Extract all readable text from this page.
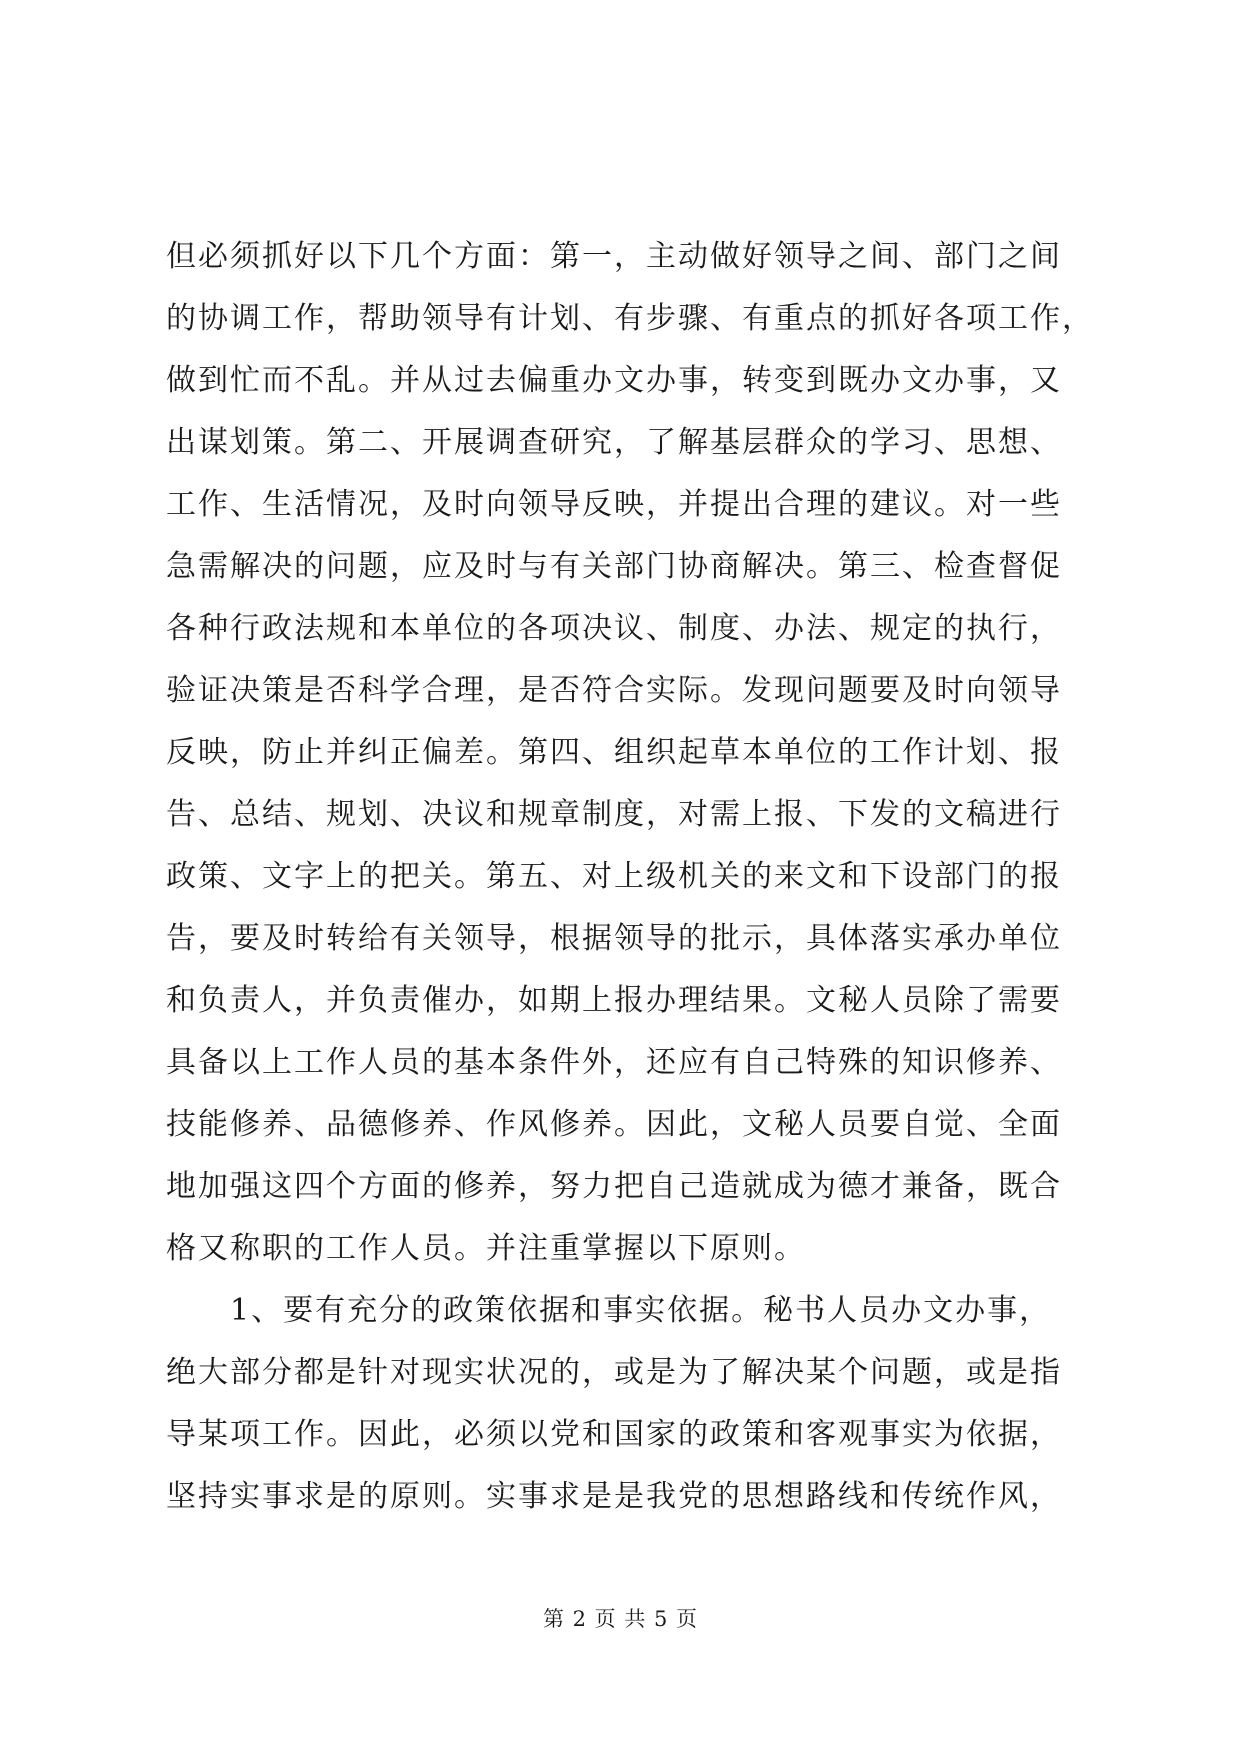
但必须抓好以下几个方面：第一，主动做好领导之间、部门之间
的协调工作，帮助领导有计划、有步骤、有重点的抓好各项工作，
做到忙而不乱。并从过去偏重办文办事，转变到既办文办事，又
出谋划策。第二、开展调查研究，了解基层群众的学习、思想、
工作、生活情况，及时向领导反映，并提出合理的建议。对一些
急需解决的问题，应及时与有关部门协商解决。第三、检查督促
各种行政法规和本单位的各项决议、制度、办法、规定的执行，
验证决策是否科学合理，是否符合实际。发现问题要及时向领导
反映，防止并纠正偏差。第四、组织起草本单位的工作计划、报
告、总结、规划、决议和规章制度，对需上报、下发的文稿进行
政策、文字上的把关。第五、对上级机关的来文和下设部门的报
告，要及时转给有关领导，根据领导的批示，具体落实承办单位
和负责人，并负责催办，如期上报办理结果。文秘人员除了需要
具备以上工作人员的基本条件外，还应有自己特殊的知识修养、
技能修养、品德修养、作风修养。因此，文秘人员要自觉、全面
地加强这四个方面的修养，努力把自己造就成为德才兼备，既合
格又称职的工作人员。并注重掌握以下原则。
　　1、要有充分的政策依据和事实依据。秘书人员办文办事，
绝大部分都是针对现实状况的，或是为了解决某个问题，或是指
导某项工作。因此，必须以党和国家的政策和客观事实为依据，
坚持实事求是的原则。实事求是是我党的思想路线和传统作风，
第 2 页 共 5 页
